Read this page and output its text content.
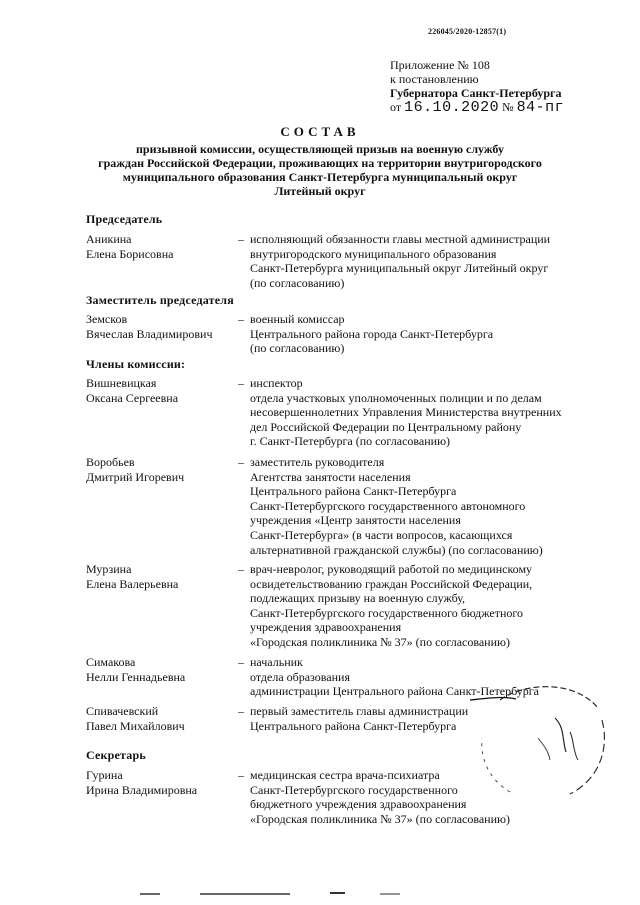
226045/2020-12857(1)
Приложение № 108
к постановлению
Губернатора Санкт-Петербурга
от 16.10.2020 № 84-пг
СОСТАВ
призывной комиссии, осуществляющей призыв на военную службу
граждан Российской Федерации, проживающих на территории внутригородского
муниципального образования Санкт-Петербурга муниципальный округ
Литейный округ
Председатель
Аникина
Елена Борисовна
– исполняющий обязанности главы местной администрации
внутригородского муниципального образования
Санкт-Петербурга муниципальный округ Литейный округ
(по согласованию)
Заместитель председателя
Земсков
Вячеслав Владимирович
– военный комиссар
Центрального района города Санкт-Петербурга
(по согласованию)
Члены комиссии:
Вишневицкая
Оксана Сергеевна
– инспектор
отдела участковых уполномоченных полиции и по делам
несовершеннолетних Управления Министерства внутренних
дел Российской Федерации по Центральному району
г. Санкт-Петербурга (по согласованию)
Воробьев
Дмитрий Игоревич
– заместитель руководителя
Агентства занятости населения
Центрального района Санкт-Петербурга
Санкт-Петербургского государственного автономного
учреждения «Центр занятости населения
Санкт-Петербурга» (в части вопросов, касающихся
альтернативной гражданской службы) (по согласованию)
Мурзина
Елена Валерьевна
– врач-невролог, руководящий работой по медицинскому
освидетельствованию граждан Российской Федерации,
подлежащих призыву на военную службу,
Санкт-Петербургского государственного бюджетного
учреждения здравоохранения
«Городская поликлиника № 37» (по согласованию)
Симакова
Нелли Геннадьевна
– начальник
отдела образования
администрации Центрального района Санкт-Петербурга
Спивачевский
Павел Михайлович
– первый заместитель главы администрации
Центрального района Санкт-Петербурга
Секретарь
Гурина
Ирина Владимировна
– медицинская сестра врача-психиатра
Санкт-Петербургского государственного
бюджетного учреждения здравоохранения
«Городская поликлиника № 37» (по согласованию)
